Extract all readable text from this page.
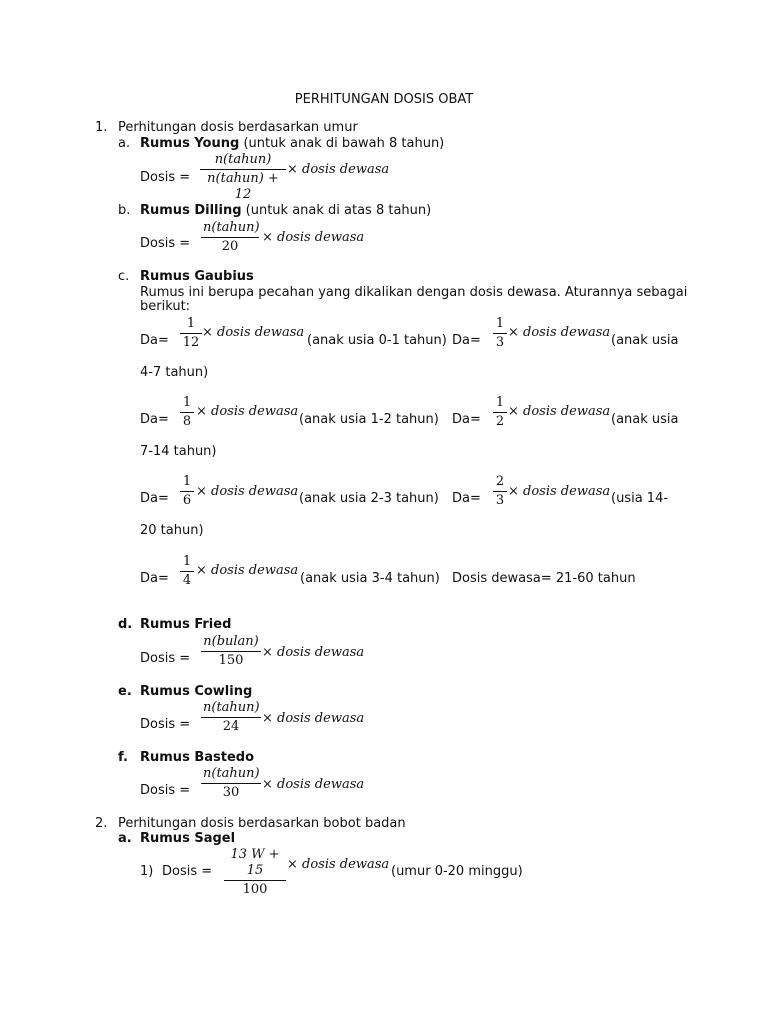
PERHITUNGAN DOSIS OBAT
1. Perhitungan dosis berdasarkan umur
a. Rumus Young (untuk anak di bawah 8 tahun)
Dosis =
n(tahun)
n(tahun) + 12
× dosis dewasa
b. Rumus Dilling (untuk anak di atas 8 tahun)
Dosis =
n(tahun)
20
× dosis dewasa
c. Rumus Gaubius
Rumus ini berupa pecahan yang dikalikan dengan dosis dewasa. Aturannya sebagai
berikut:
Da=
1
12
× dosis dewasa
(anak usia 0-1 tahun) Da=
1
3
× dosis dewasa
(anak usia
4-7 tahun)
Da=
1
8
× dosis dewasa
(anak usia 1-2 tahun) Da=
1
2
× dosis dewasa
(anak usia
7-14 tahun)
Da=
1
6
× dosis dewasa (anak usia 2-3 tahun) Da=
2
3
× dosis dewasa (usia 14-
20 tahun)
Da=
1
4
× dosis dewasa
(anak usia 3-4 tahun) Dosis dewasa= 21-60 tahun
d. Rumus Fried
Dosis =
n(bulan)
150
× dosis dewasa
e. Rumus Cowling
Dosis =
n(tahun)
24
× dosis dewasa
f. Rumus Bastedo
Dosis =
n(tahun)
30
× dosis dewasa
2. Perhitungan dosis berdasarkan bobot badan
a. Rumus Sagel
1) Dosis =
13 W + 15
100
× dosis dewasa (umur 0-20 minggu)
